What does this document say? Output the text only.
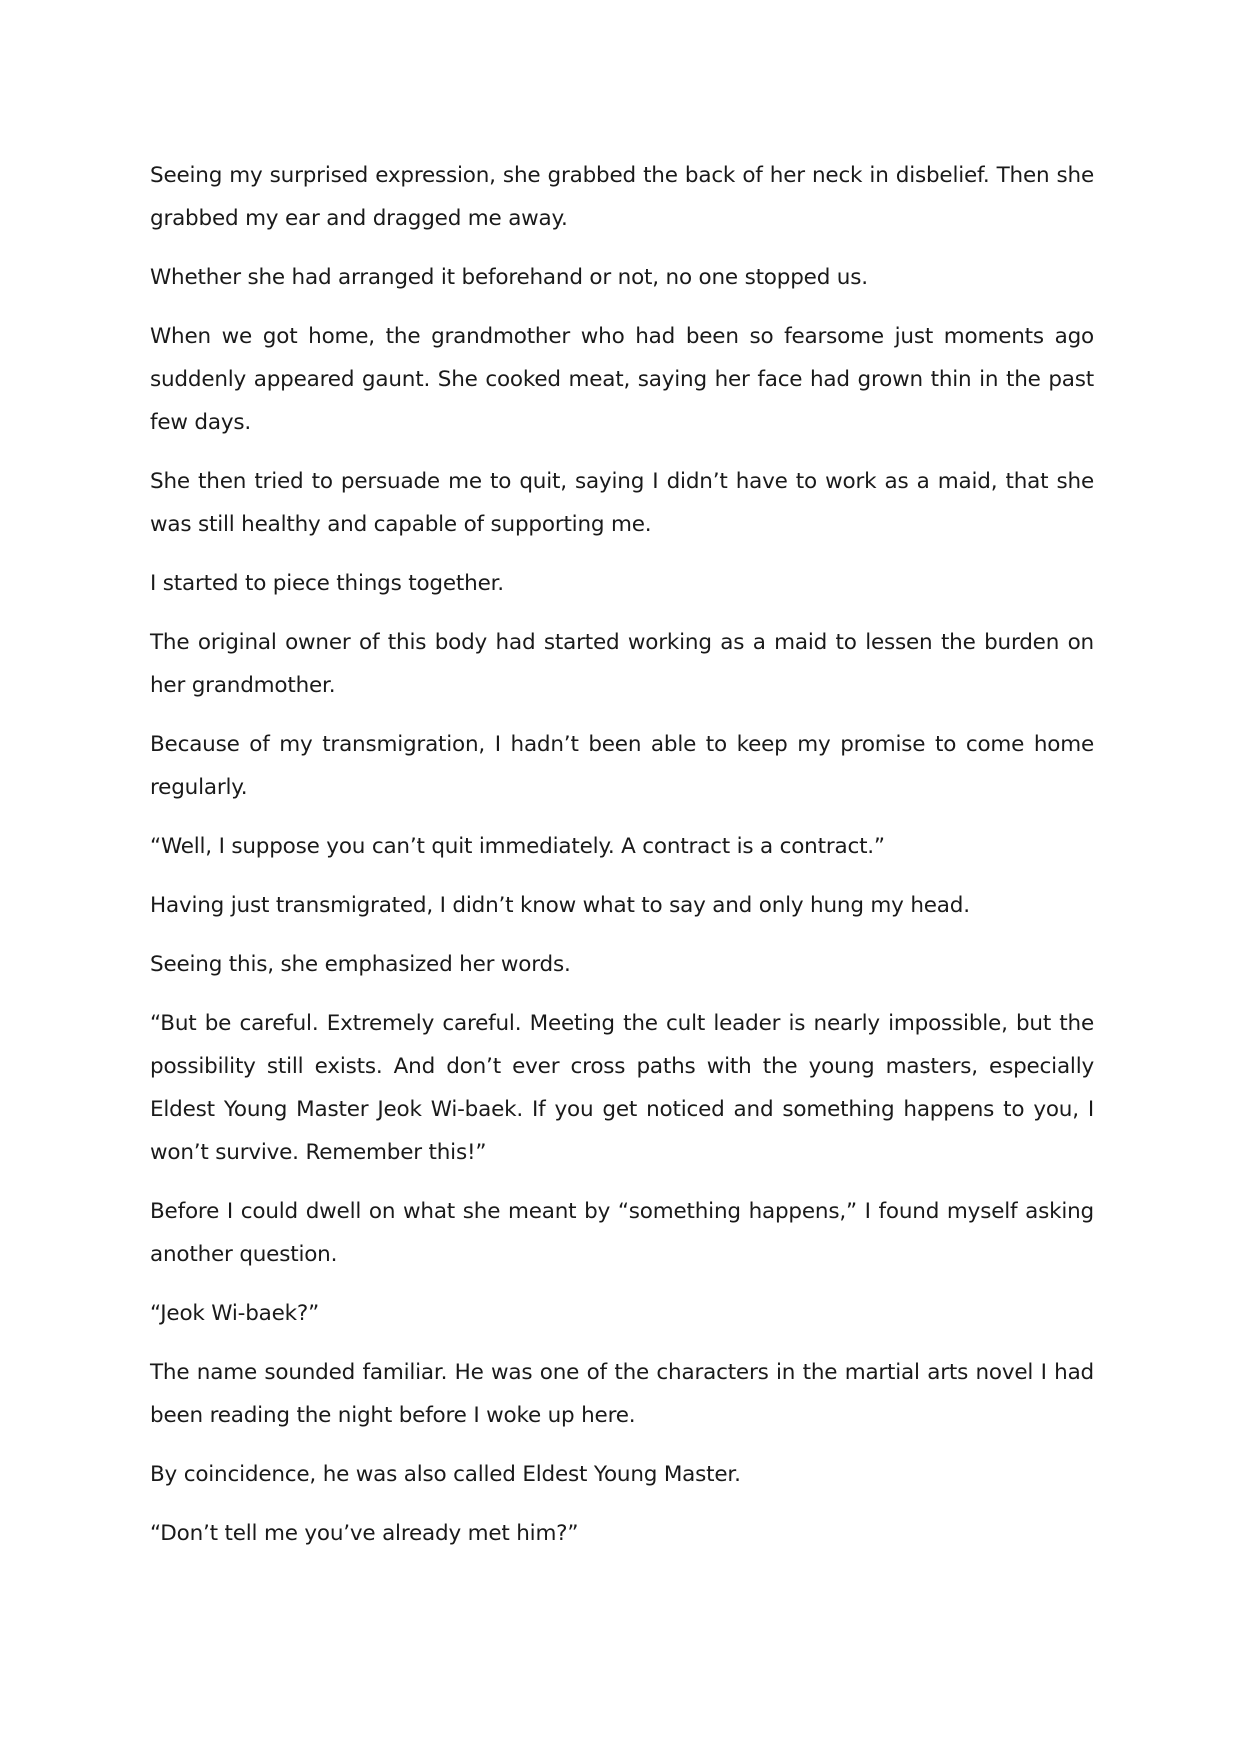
Seeing my surprised expression, she grabbed the back of her neck in disbelief. Then she grabbed my ear and dragged me away.

Whether she had arranged it beforehand or not, no one stopped us.

When we got home, the grandmother who had been so fearsome just moments ago suddenly appeared gaunt. She cooked meat, saying her face had grown thin in the past few days.

She then tried to persuade me to quit, saying I didn’t have to work as a maid, that she was still healthy and capable of supporting me.

I started to piece things together.

The original owner of this body had started working as a maid to lessen the burden on her grandmother.

Because of my transmigration, I hadn’t been able to keep my promise to come home regularly.

“Well, I suppose you can’t quit immediately. A contract is a contract.”

Having just transmigrated, I didn’t know what to say and only hung my head.

Seeing this, she emphasized her words.

“But be careful. Extremely careful. Meeting the cult leader is nearly impossible, but the possibility still exists. And don’t ever cross paths with the young masters, especially Eldest Young Master Jeok Wi-baek. If you get noticed and something happens to you, I won’t survive. Remember this!”

Before I could dwell on what she meant by “something happens,” I found myself asking another question.

“Jeok Wi-baek?”

The name sounded familiar. He was one of the characters in the martial arts novel I had been reading the night before I woke up here.

By coincidence, he was also called Eldest Young Master.

“Don’t tell me you’ve already met him?”
